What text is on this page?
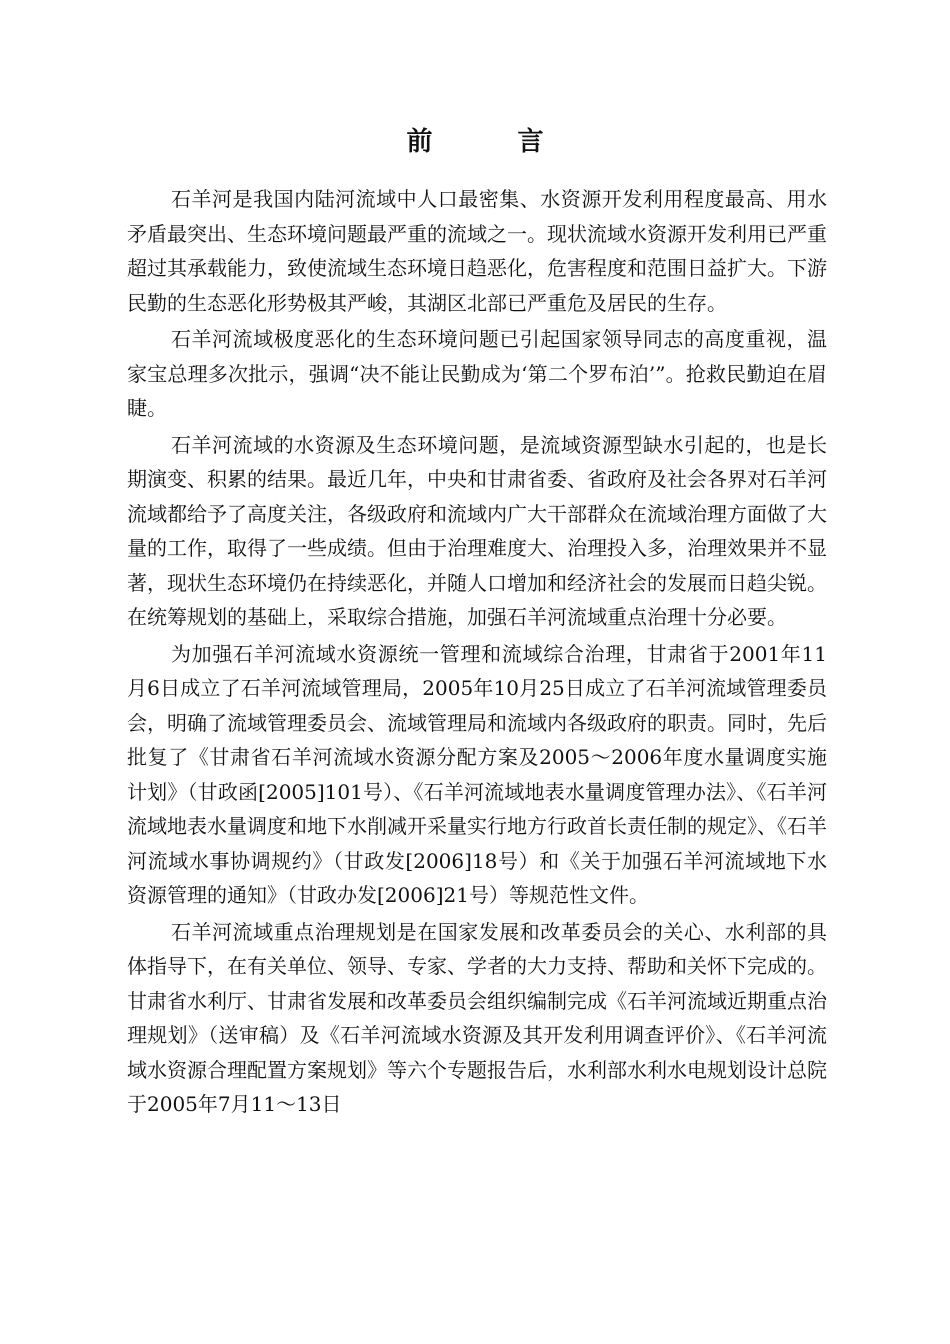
前 言

石羊河是我国内陆河流域中人口最密集、水资源开发利用程度最高、用水矛盾最突出、生态环境问题最严重的流域之一。现状流域水资源开发利用已严重超过其承载能力，致使流域生态环境日趋恶化，危害程度和范围日益扩大。下游民勤的生态恶化形势极其严峻，其湖区北部已严重危及居民的生存。

石羊河流域极度恶化的生态环境问题已引起国家领导同志的高度重视，温家宝总理多次批示，强调“决不能让民勤成为‘第二个罗布泊’”。抢救民勤迫在眉睫。

石羊河流域的水资源及生态环境问题，是流域资源型缺水引起的，也是长期演变、积累的结果。最近几年，中央和甘肃省委、省政府及社会各界对石羊河流域都给予了高度关注，各级政府和流域内广大干部群众在流域治理方面做了大量的工作，取得了一些成绩。但由于治理难度大、治理投入多，治理效果并不显著，现状生态环境仍在持续恶化，并随人口增加和经济社会的发展而日趋尖锐。在统筹规划的基础上，采取综合措施，加强石羊河流域重点治理十分必要。

为加强石羊河流域水资源统一管理和流域综合治理，甘肃省于2001年11月6日成立了石羊河流域管理局，2005年10月25日成立了石羊河流域管理委员会，明确了流域管理委员会、流域管理局和流域内各级政府的职责。同时，先后批复了《甘肃省石羊河流域水资源分配方案及2005～2006年度水量调度实施计划》（甘政函[2005]101号）、《石羊河流域地表水量调度管理办法》、《石羊河流域地表水量调度和地下水削减开采量实行地方行政首长责任制的规定》、《石羊河流域水事协调规约》（甘政发[2006]18号）和《关于加强石羊河流域地下水资源管理的通知》（甘政办发[2006]21号）等规范性文件。

石羊河流域重点治理规划是在国家发展和改革委员会的关心、水利部的具体指导下，在有关单位、领导、专家、学者的大力支持、帮助和关怀下完成的。甘肃省水利厅、甘肃省发展和改革委员会组织编制完成《石羊河流域近期重点治理规划》（送审稿）及《石羊河流域水资源及其开发利用调查评价》、《石羊河流域水资源合理配置方案规划》等六个专题报告后，水利部水利水电规划设计总院于2005年7月11～13日
